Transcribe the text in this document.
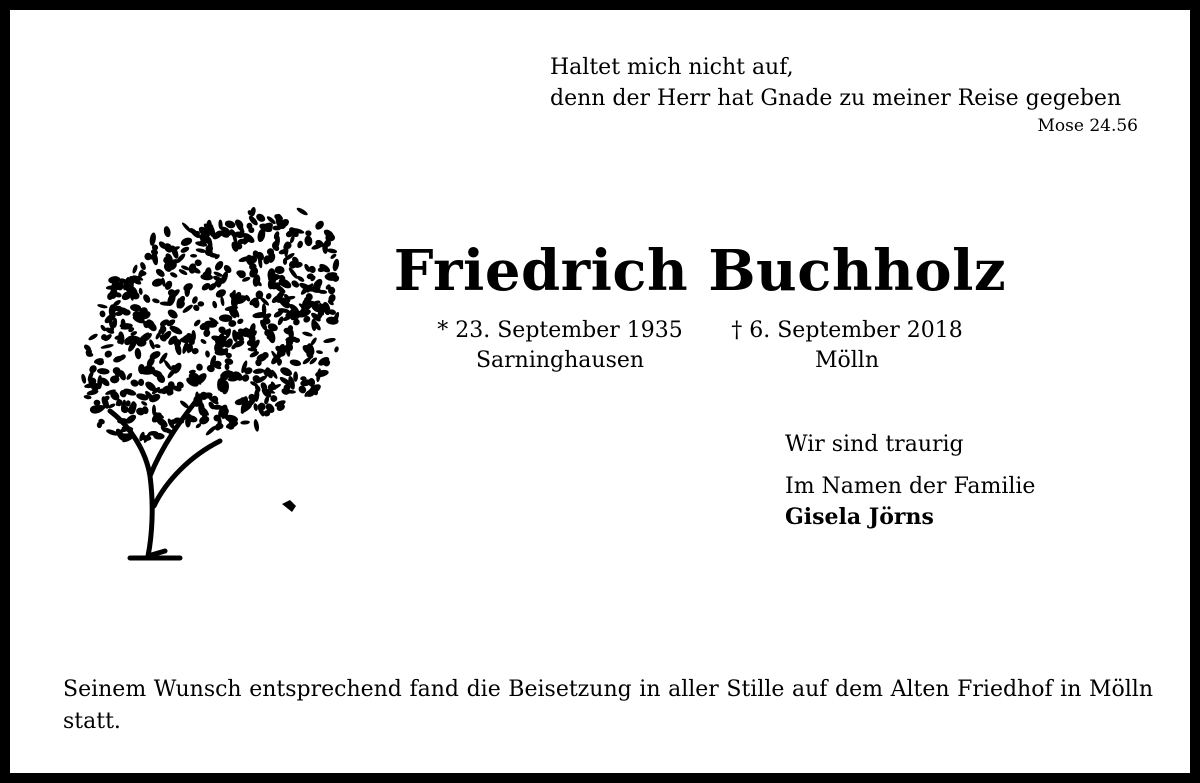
Haltet mich nicht auf,
denn der Herr hat Gnade zu meiner Reise gegeben
Mose 24.56
Friedrich Buchholz
* 23. September 1935
Sarninghausen
† 6. September 2018
Mölln
Wir sind traurig
Im Namen der Familie
Gisela Jörns
Seinem Wunsch entsprechend fand die Beisetzung in aller Stille auf dem Alten Friedhof in Mölln statt.
